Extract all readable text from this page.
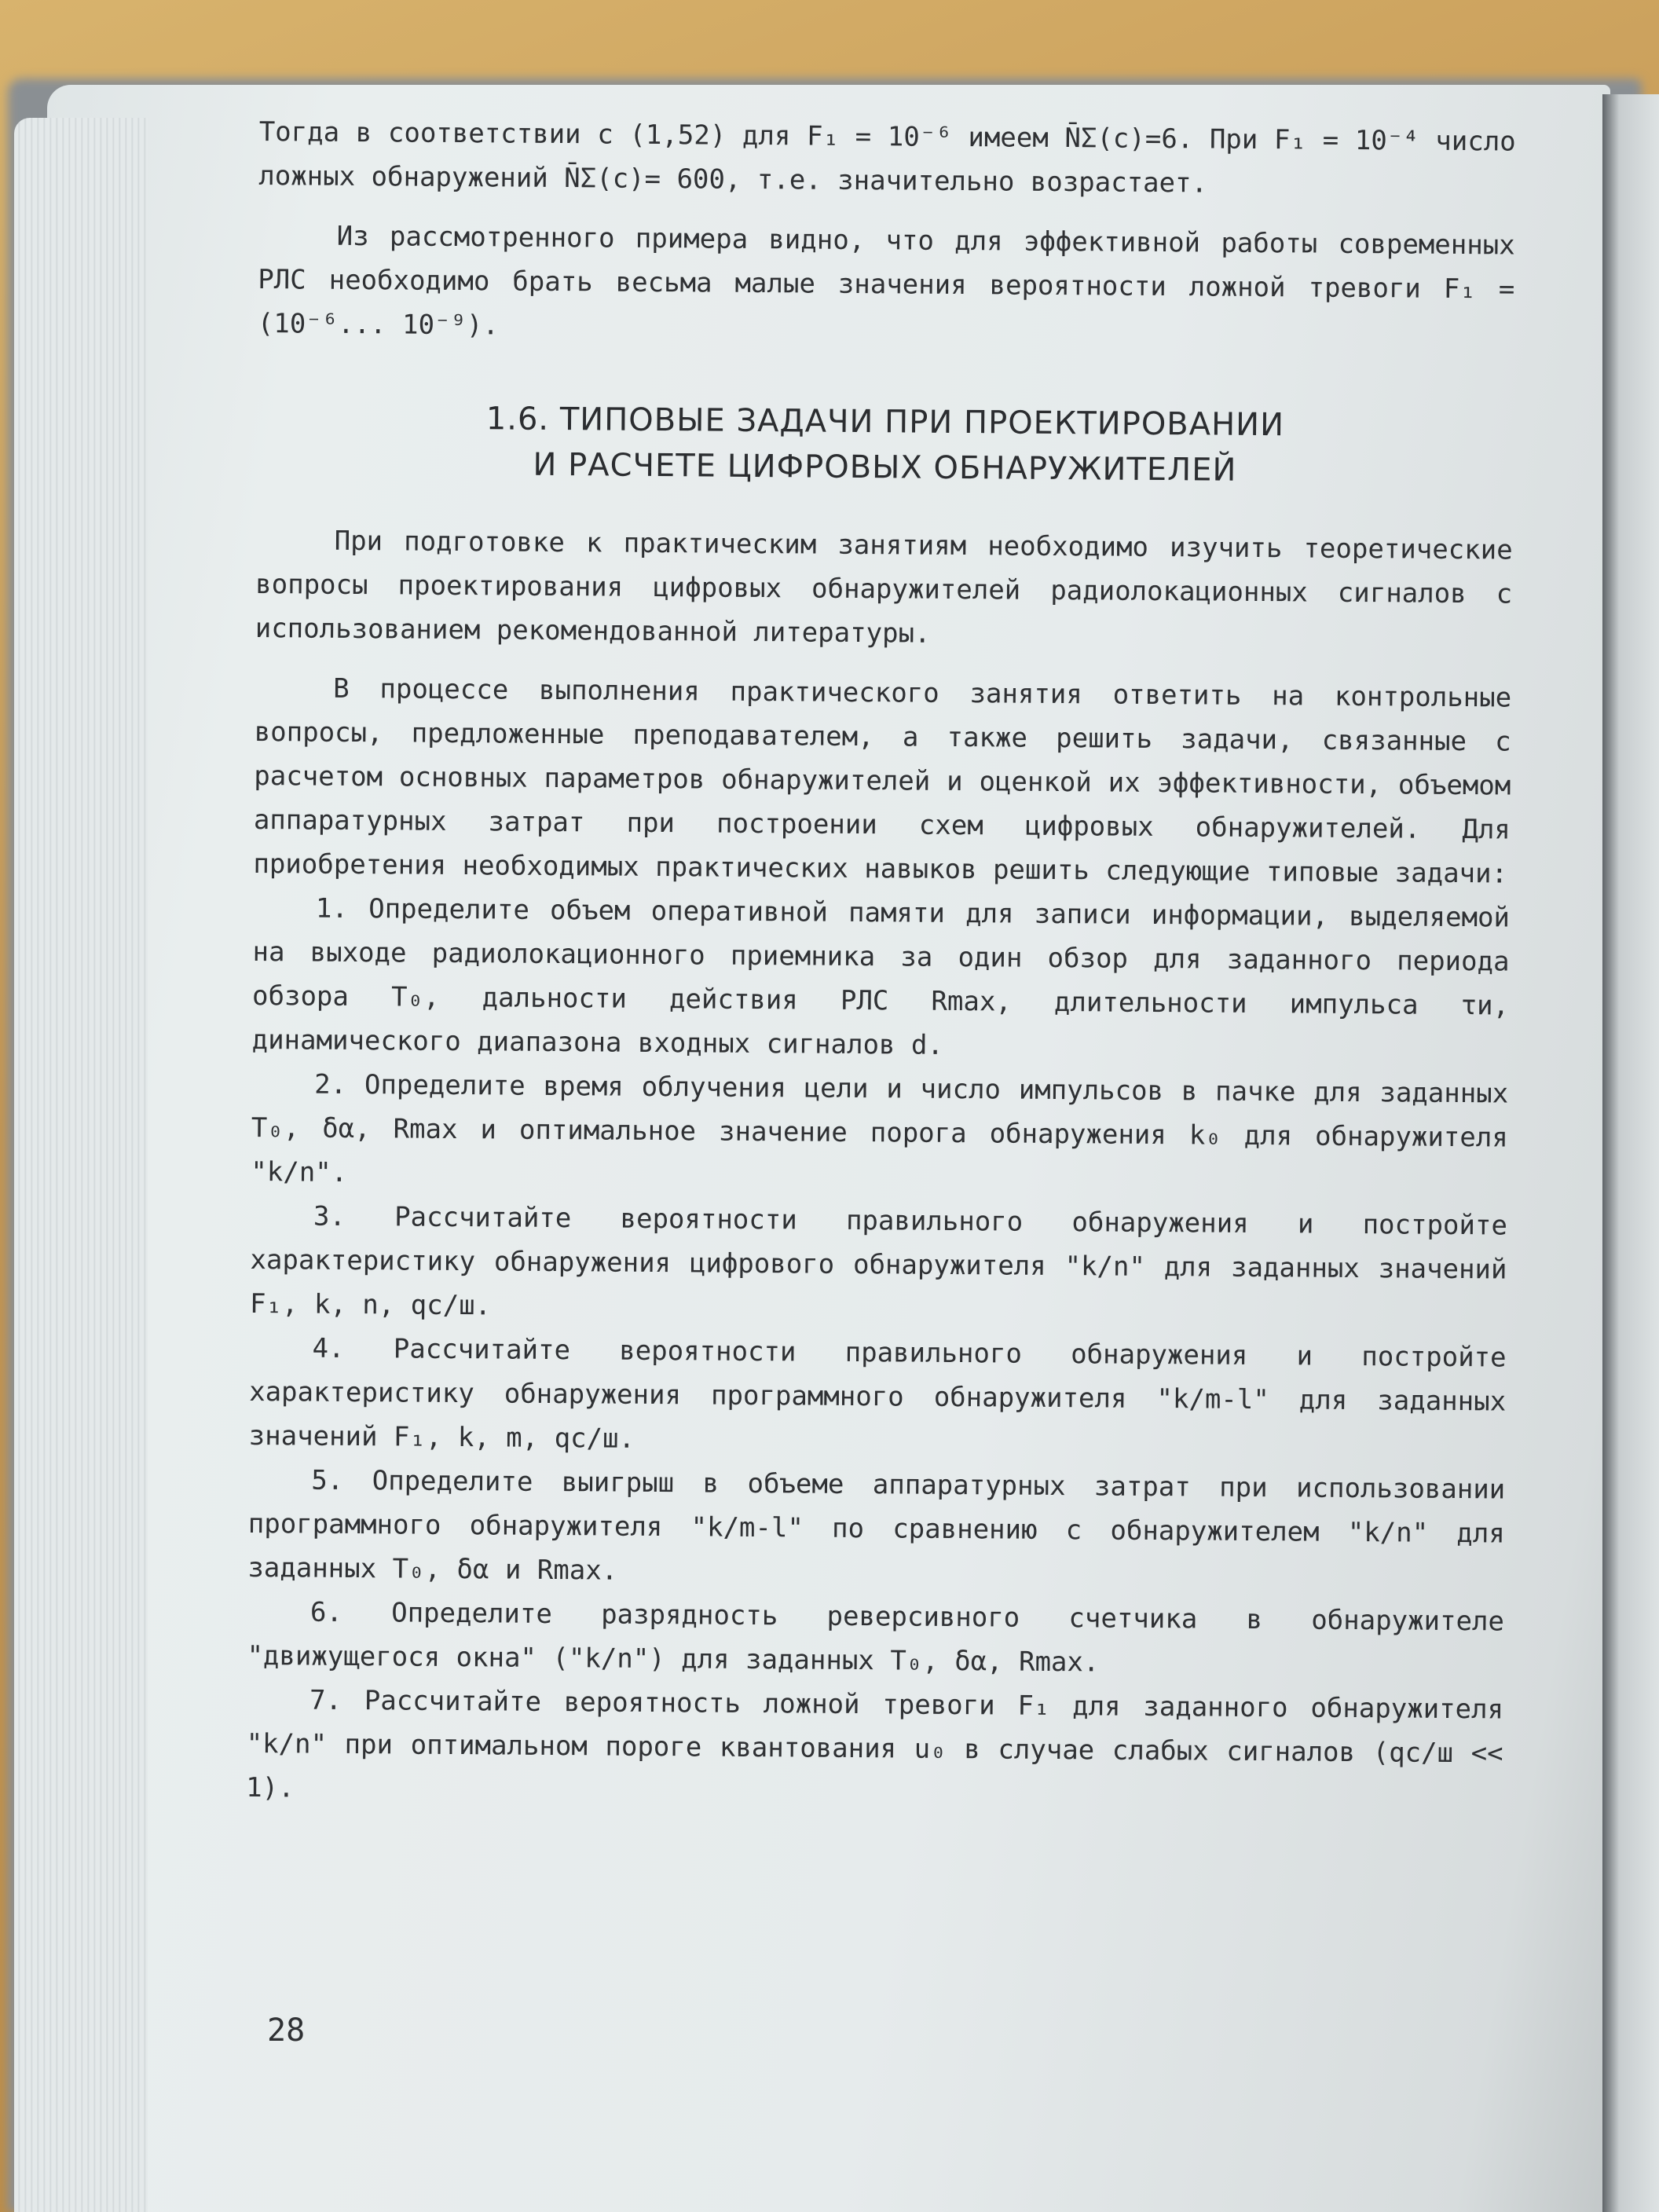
Тогда в соответствии с (1,52) для F₁ = 10⁻⁶ имеем N̄Σ(c)=6. При F₁ = 10⁻⁴ число ложных обнаружений N̄Σ(c)= 600, т.е. значительно возрастает.

Из рассмотренного примера видно, что для эффективной работы современных РЛС необходимо брать весьма малые значения вероятности ложной тревоги F₁ = (10⁻⁶... 10⁻⁹).

1.6. ТИПОВЫЕ ЗАДАЧИ ПРИ ПРОЕКТИРОВАНИИ
И РАСЧЕТЕ ЦИФРОВЫХ ОБНАРУЖИТЕЛЕЙ

При подготовке к практическим занятиям необходимо изучить теоретические вопросы проектирования цифровых обнаружителей радиолокационных сигналов с использованием рекомендованной литературы.

В процессе выполнения практического занятия ответить на контрольные вопросы, предложенные преподавателем, а также решить задачи, связанные с расчетом основных параметров обнаружителей и оценкой их эффективности, объемом аппаратурных затрат при построении схем цифровых обнаружителей. Для приобретения необходимых практических навыков решить следующие типовые задачи:

1. Определите объем оперативной памяти для записи информации, выделяемой на выходе радиолокационного приемника за один обзор для заданного периода обзора T₀, дальности действия РЛС Rmax, длительности импульса τи, динамического диапазона входных сигналов d.

2. Определите время облучения цели и число импульсов в пачке для заданных T₀, δα, Rmax и оптимальное значение порога обнаружения k₀ для обнаружителя "k/n".

3. Рассчитайте вероятности правильного обнаружения и постройте характеристику обнаружения цифрового обнаружителя "k/n" для заданных значений F₁, k, n, qc/ш.

4. Рассчитайте вероятности правильного обнаружения и постройте характеристику обнаружения программного обнаружителя "k/m-l" для заданных значений F₁, k, m, qc/ш.

5. Определите выигрыш в объеме аппаратурных затрат при использовании программного обнаружителя "k/m-l" по сравнению с обнаружителем "k/n" для заданных T₀, δα и Rmax.

6. Определите разрядность реверсивного счетчика в обнаружителе "движущегося окна" ("k/n") для заданных T₀, δα, Rmax.

7. Рассчитайте вероятность ложной тревоги F₁ для заданного обнаружителя "k/n" при оптимальном пороге квантования u₀ в случае слабых сигналов (qc/ш << 1).

28
